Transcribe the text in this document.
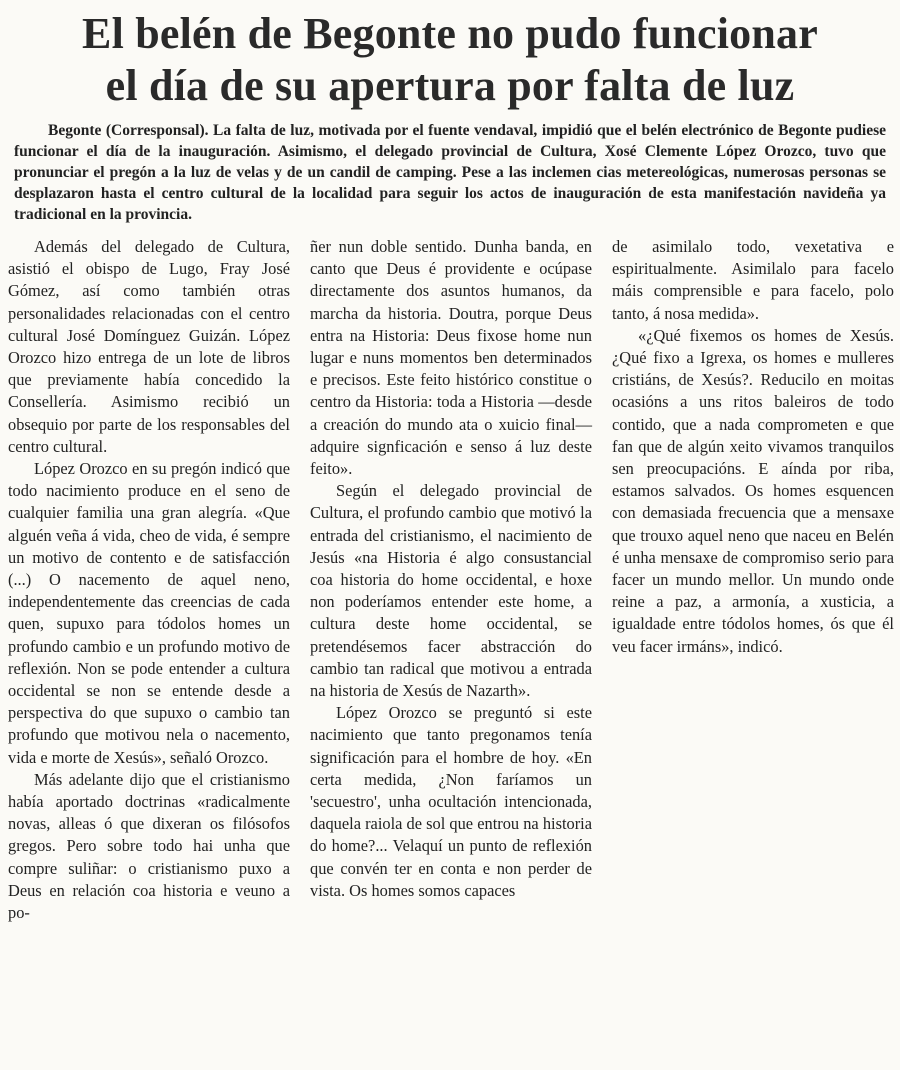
El belén de Begonte no pudo funcionar
el día de su apertura por falta de luz
Begonte (Corresponsal). La falta de luz, motivada por el fuente vendaval, impidió que el belén electrónico de Begonte pudiese funcionar el día de la inauguración. Asimismo, el delegado provincial de Cultura, Xosé Clemente López Orozco, tuvo que pronunciar el pregón a la luz de velas y de un candil de camping. Pese a las inclemen cias metereológicas, numerosas personas se desplazaron hasta el centro cultural de la localidad para seguir los actos de inauguración de esta manifestación navideña ya tradicional en la provincia.

Además del delegado de Cultura, asistió el obispo de Lugo, Fray José Gómez, así como también otras personalidades relacionadas con el centro cultural José Domínguez Guizán. López Orozco hizo entrega de un lote de libros que previamente había concedido la Consellería. Asimismo recibió un obsequio por parte de los responsables del centro cultural.

López Orozco en su pregón indicó que todo nacimiento produce en el seno de cualquier familia una gran alegría. «Que alguén veña á vida, cheo de vida, é sempre un motivo de contento e de satisfacción (...) O nacemento de aquel neno, independentemente das creencias de cada quen, supuxo para tódolos homes un profundo cambio e un profundo motivo de reflexión. Non se pode entender a cultura occidental se non se entende desde a perspectiva do que supuxo o cambio tan profundo que motivou nela o nacemento, vida e morte de Xesús», señaló Orozco.

Más adelante dijo que el cristianismo había aportado doctrinas «radicalmente novas, alleas ó que dixeran os filósofos gregos. Pero sobre todo hai unha que compre suliñar: o cristianismo puxo a Deus en relación coa historia e veuno a po-

ñer nun doble sentido. Dunha banda, en canto que Deus é providente e ocúpase directamente dos asuntos humanos, da marcha da historia. Doutra, porque Deus entra na Historia: Deus fixose home nun lugar e nuns momentos ben determinados e precisos. Este feito histórico constitue o centro da Historia: toda a Historia —desde a creación do mundo ata o xuicio final— adquire signficación e senso á luz deste feito».

Según el delegado provincial de Cultura, el profundo cambio que motivó la entrada del cristianismo, el nacimiento de Jesús «na Historia é algo consustancial coa historia do home occidental, e hoxe non poderíamos entender este home, a cultura deste home occidental, se pretendésemos facer abstracción do cambio tan radical que motivou a entrada na historia de Xesús de Nazarth».

López Orozco se preguntó si este nacimiento que tanto pregonamos tenía significación para el hombre de hoy. «En certa medida, ¿Non faríamos un 'secuestro', unha ocultación intencionada, daquela raiola de sol que entrou na historia do home?... Velaquí un punto de reflexión que convén ter en conta e non perder de vista. Os homes somos capaces

de asimilalo todo, vexetativa e espiritualmente. Asimilalo para facelo máis comprensible e para facelo, polo tanto, á nosa medida».

«¿Qué fixemos os homes de Xesús. ¿Qué fixo a Igrexa, os homes e mulleres cristiáns, de Xesús?. Reducilo en moitas ocasións a uns ritos baleiros de todo contido, que a nada comprometen e que fan que de algún xeito vivamos tranquilos sen preocupacións. E aínda por riba, estamos salvados. Os homes esquencen con demasiada frecuencia que a mensaxe que trouxo aquel neno que naceu en Belén é unha mensaxe de compromiso serio para facer un mundo mellor. Un mundo onde reine a paz, a armonía, a xusticia, a igualdade entre tódolos homes, ós que él veu facer irmáns», indicó.
